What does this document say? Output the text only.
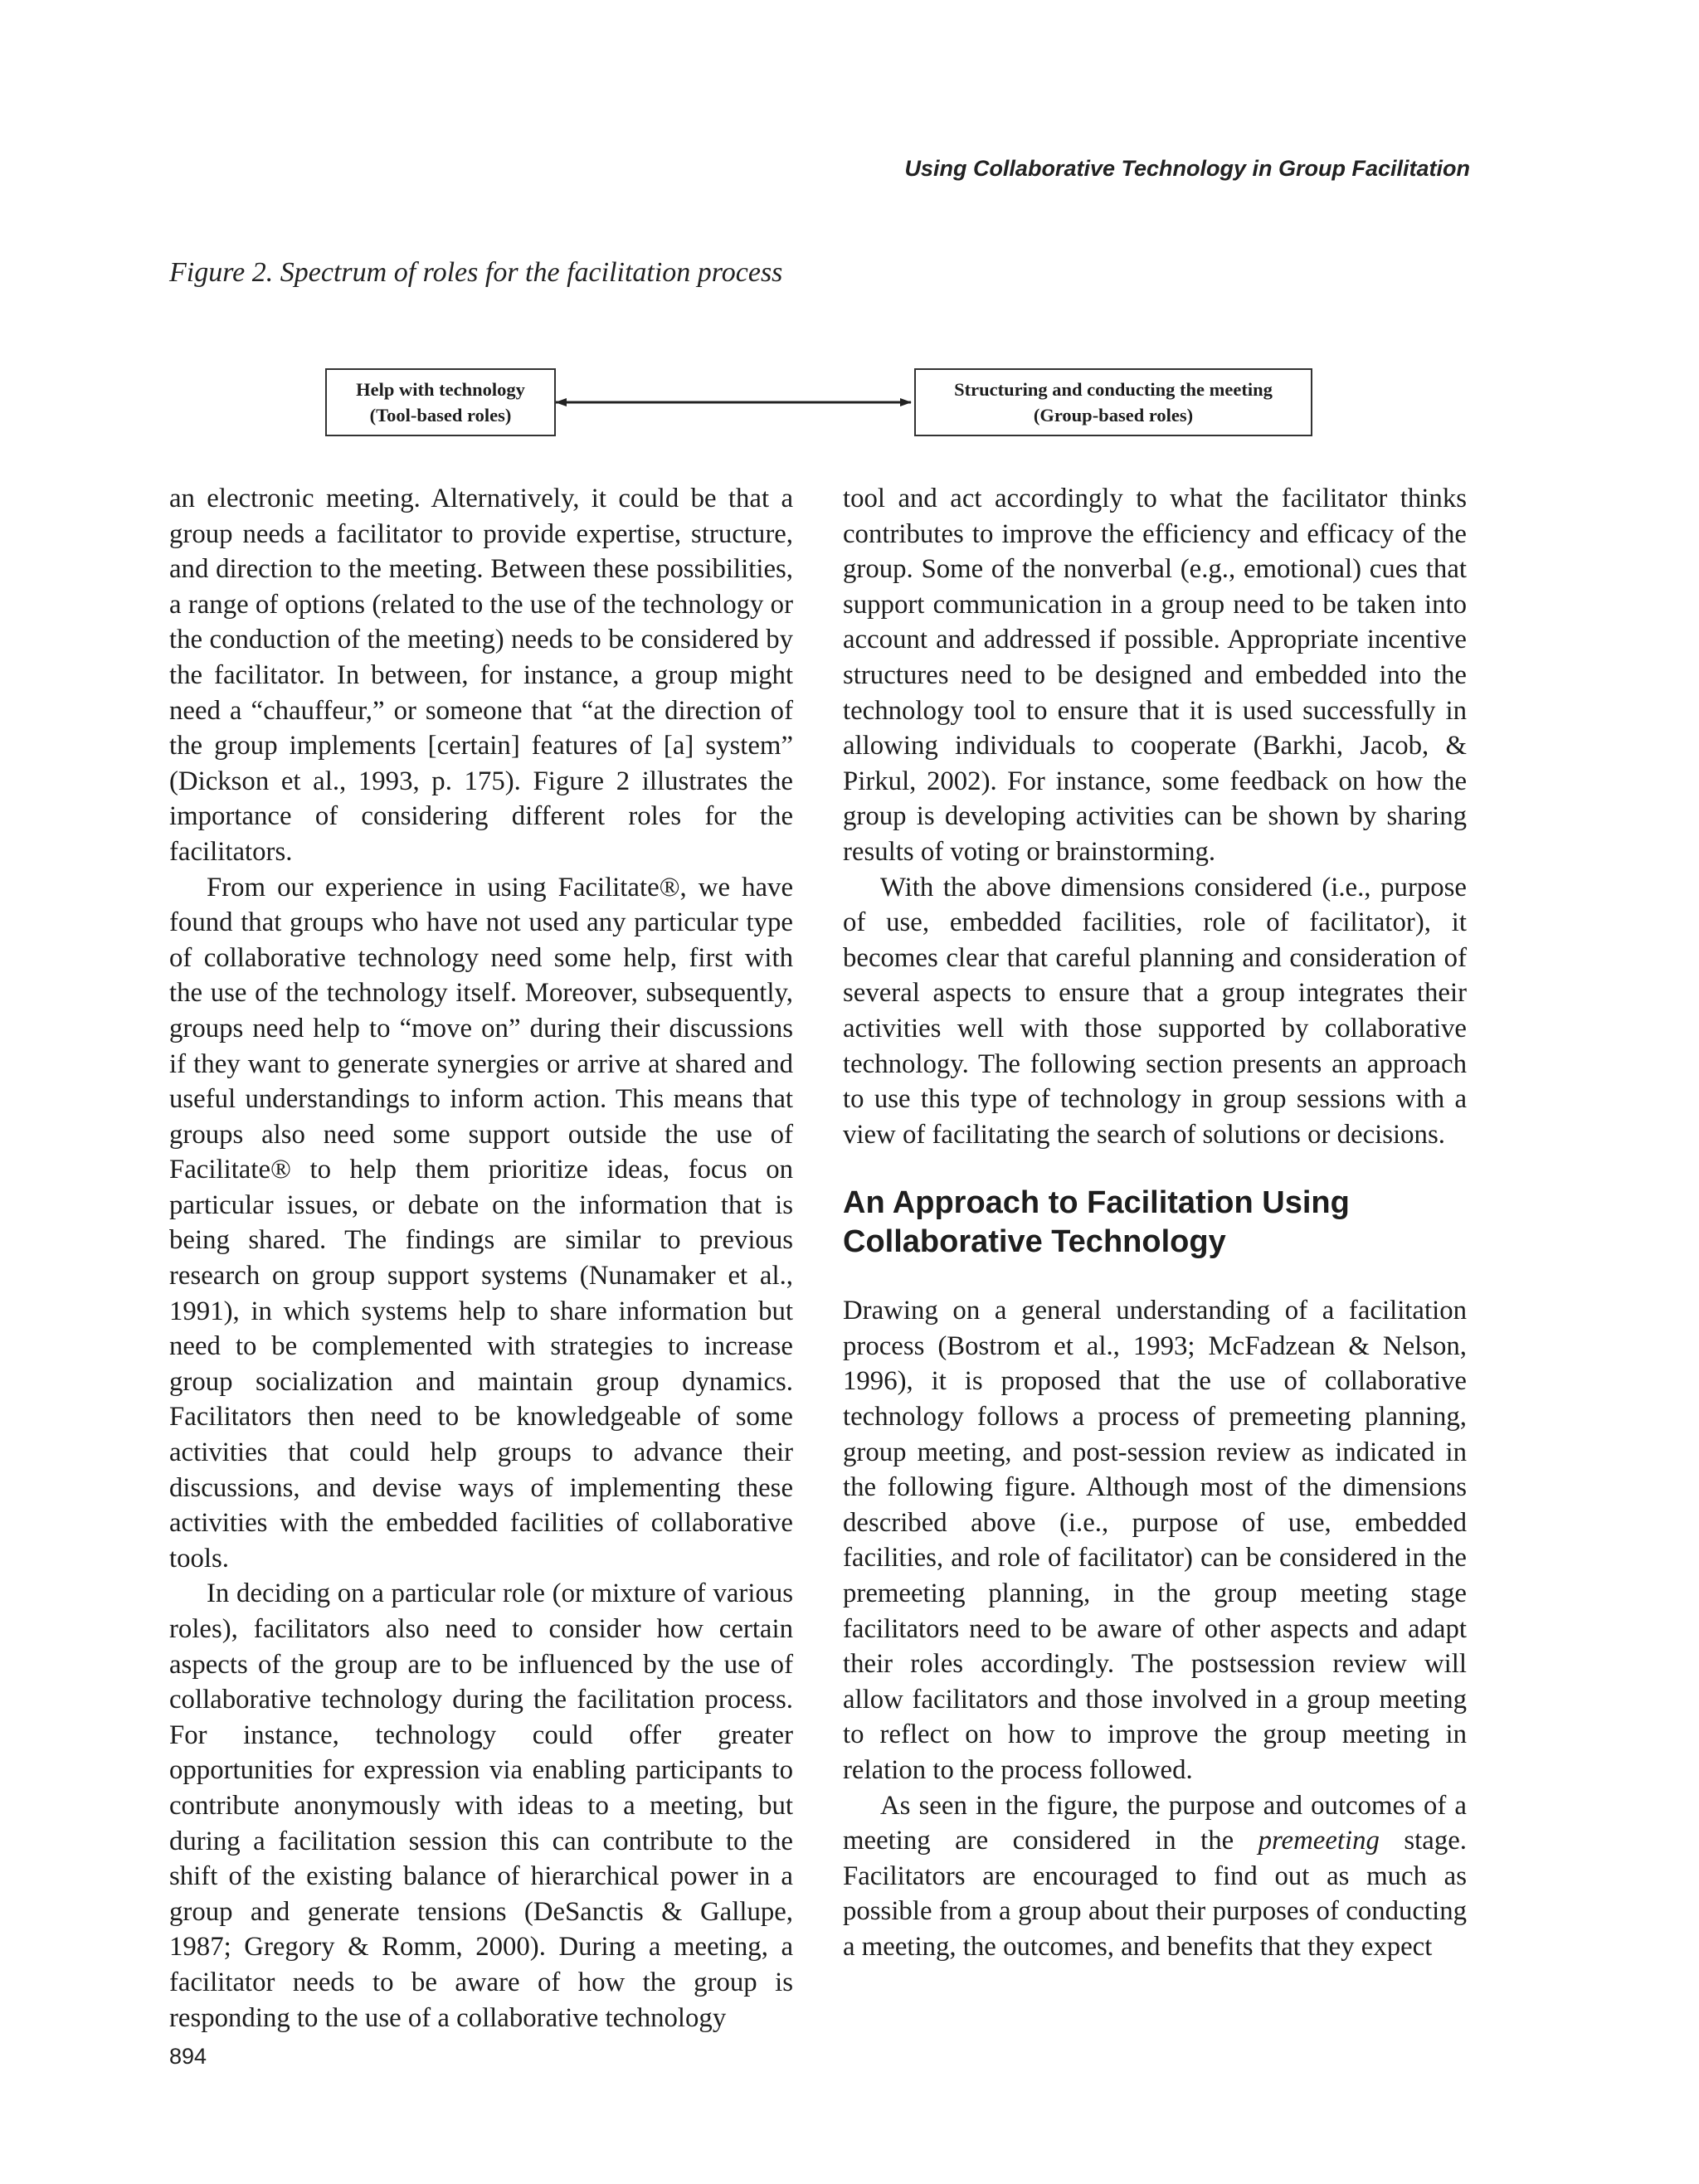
Using Collaborative Technology in Group Facilitation
Figure 2. Spectrum of roles for the facilitation process
Help with technology
(Tool-based roles)
Structuring and conducting the meeting
(Group-based roles)

an electronic meeting. Alternatively, it could be that a group needs a facilitator to provide expertise, structure, and direction to the meeting. Between these possibilities, a range of options (related to the use of the technology or the conduction of the meeting) needs to be considered by the facilitator. In between, for instance, a group might need a “chauffeur,” or someone that “at the direction of the group implements [certain] features of [a] system” (Dickson et al., 1993, p. 175). Figure 2 illustrates the importance of considering different roles for the facilitators.

From our experience in using Facilitate®, we have found that groups who have not used any particular type of collaborative technology need some help, first with the use of the technology itself. Moreover, subsequently, groups need help to “move on” during their discussions if they want to generate synergies or arrive at shared and useful understandings to inform action. This means that groups also need some support outside the use of Facilitate® to help them prioritize ideas, focus on particular issues, or debate on the information that is being shared. The findings are similar to previous research on group support systems (Nunamaker et al., 1991), in which systems help to share information but need to be complemented with strategies to increase group socialization and maintain group dynamics. Facilitators then need to be knowledgeable of some activities that could help groups to advance their discussions, and devise ways of implementing these activities with the embedded facilities of collaborative tools.

In deciding on a particular role (or mixture of various roles), facilitators also need to consider how certain aspects of the group are to be influenced by the use of collaborative technology during the facilitation process. For instance, technology could offer greater opportunities for expression via enabling participants to contribute anonymously with ideas to a meeting, but during a facilitation session this can contribute to the shift of the existing balance of hierarchical power in a group and generate tensions (DeSanctis & Gallupe, 1987; Gregory & Romm, 2000). During a meeting, a facilitator needs to be aware of how the group is responding to the use of a collaborative technology

tool and act accordingly to what the facilitator thinks contributes to improve the efficiency and efficacy of the group. Some of the nonverbal (e.g., emotional) cues that support communication in a group need to be taken into account and addressed if possible. Appropriate incentive structures need to be designed and embedded into the technology tool to ensure that it is used successfully in allowing individuals to cooperate (Barkhi, Jacob, & Pirkul, 2002). For instance, some feedback on how the group is developing activities can be shown by sharing results of voting or brainstorming.

With the above dimensions considered (i.e., purpose of use, embedded facilities, role of facilitator), it becomes clear that careful planning and consideration of several aspects to ensure that a group integrates their activities well with those supported by collaborative technology. The following section presents an approach to use this type of technology in group sessions with a view of facilitating the search of solutions or decisions.

An Approach to Facilitation Using
Collaborative Technology

Drawing on a general understanding of a facilitation process (Bostrom et al., 1993; McFadzean & Nelson, 1996), it is proposed that the use of collaborative technology follows a process of premeeting planning, group meeting, and post-session review as indicated in the following figure. Although most of the dimensions described above (i.e., purpose of use, embedded facilities, and role of facilitator) can be considered in the premeeting planning, in the group meeting stage facilitators need to be aware of other aspects and adapt their roles accordingly. The postsession review will allow facilitators and those involved in a group meeting to reflect on how to improve the group meeting in relation to the process followed.

As seen in the figure, the purpose and outcomes of a meeting are considered in the premeeting stage. Facilitators are encouraged to find out as much as possible from a group about their purposes of conducting a meeting, the outcomes, and benefits that they expect

894
